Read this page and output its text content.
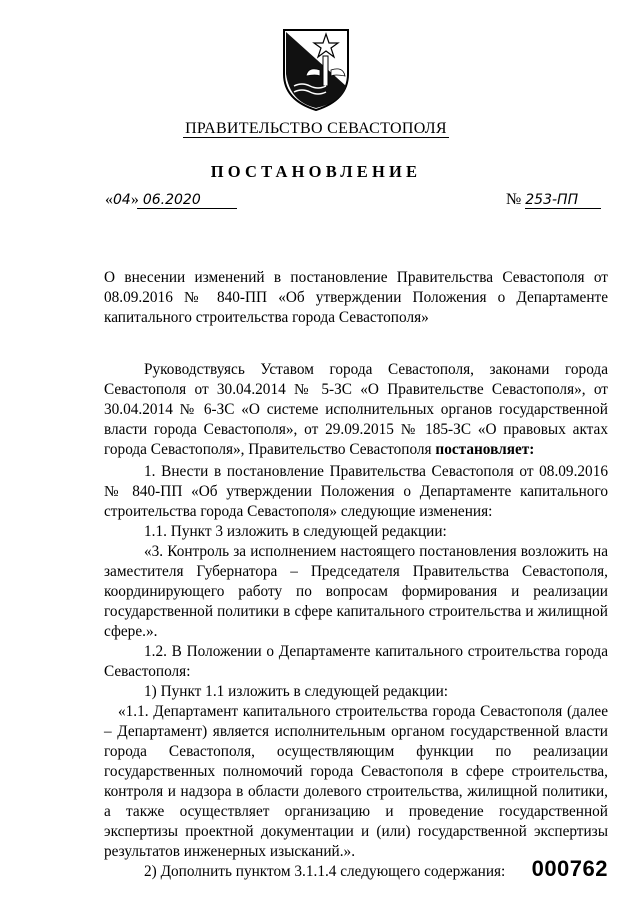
ПРАВИТЕЛЬСТВО СЕВАСТОПОЛЯ
ПОСТАНОВЛЕНИЕ
«04» 06.2020	№ 253-ПП
О внесении изменений в постановление Правительства Севастополя от 08.09.2016 № 840-ПП «Об утверждении Положения о Департаменте капитального строительства города Севастополя»

Руководствуясь Уставом города Севастополя, законами города Севастополя от 30.04.2014 № 5-ЗС «О Правительстве Севастополя», от 30.04.2014 № 6-ЗС «О системе исполнительных органов государственной власти города Севастополя», от 29.09.2015 № 185-ЗС «О правовых актах города Севастополя», Правительство Севастополя постановляет:

1. Внести в постановление Правительства Севастополя от 08.09.2016 № 840-ПП «Об утверждении Положения о Департаменте капитального строительства города Севастополя» следующие изменения:

1.1. Пункт 3 изложить в следующей редакции:

«3. Контроль за исполнением настоящего постановления возложить на заместителя Губернатора – Председателя Правительства Севастополя, координирующего работу по вопросам формирования и реализации государственной политики в сфере капитального строительства и жилищной сфере.».

1.2. В Положении о Департаменте капитального строительства города Севастополя:

1) Пункт 1.1 изложить в следующей редакции:

«1.1. Департамент капитального строительства города Севастополя (далее – Департамент) является исполнительным органом государственной власти города Севастополя, осуществляющим функции по реализации государственных полномочий города Севастополя в сфере строительства, контроля и надзора в области долевого строительства, жилищной политики, а также осуществляет организацию и проведение государственной экспертизы проектной документации и (или) государственной экспертизы результатов инженерных изысканий.».

2) Дополнить пунктом 3.1.1.4 следующего содержания:	000762
